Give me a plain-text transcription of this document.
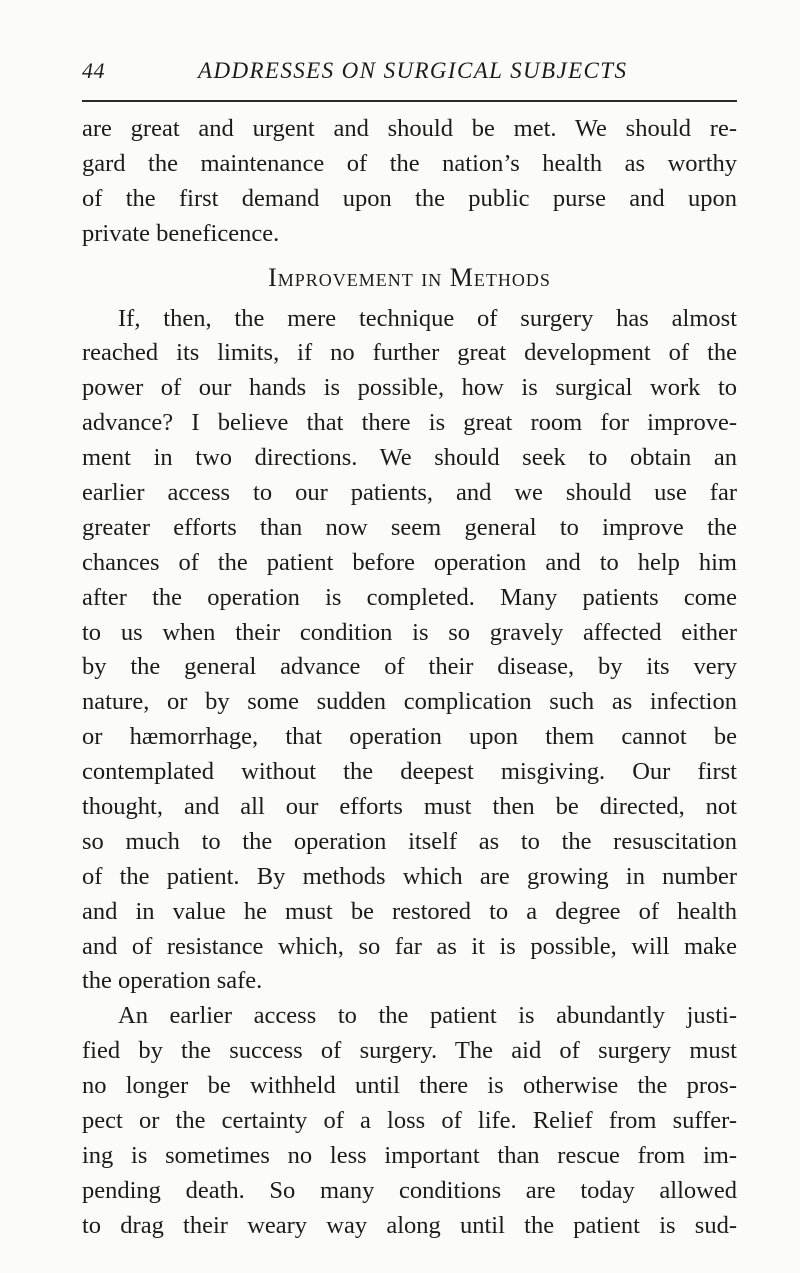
44	ADDRESSES ON SURGICAL SUBJECTS
are great and urgent and should be met. We should re-
gard the maintenance of the nation’s health as worthy
of the first demand upon the public purse and upon
private beneficence.
Improvement in Methods
If, then, the mere technique of surgery has almost
reached its limits, if no further great development of the
power of our hands is possible, how is surgical work to
advance? I believe that there is great room for improve-
ment in two directions. We should seek to obtain an
earlier access to our patients, and we should use far
greater efforts than now seem general to improve the
chances of the patient before operation and to help him
after the operation is completed. Many patients come
to us when their condition is so gravely affected either
by the general advance of their disease, by its very
nature, or by some sudden complication such as infection
or hæmorrhage, that operation upon them cannot be
contemplated without the deepest misgiving. Our first
thought, and all our efforts must then be directed, not
so much to the operation itself as to the resuscitation
of the patient. By methods which are growing in number
and in value he must be restored to a degree of health
and of resistance which, so far as it is possible, will make
the operation safe.
An earlier access to the patient is abundantly justi-
fied by the success of surgery. The aid of surgery must
no longer be withheld until there is otherwise the pros-
pect or the certainty of a loss of life. Relief from suffer-
ing is sometimes no less important than rescue from im-
pending death. So many conditions are today allowed
to drag their weary way along until the patient is sud-
